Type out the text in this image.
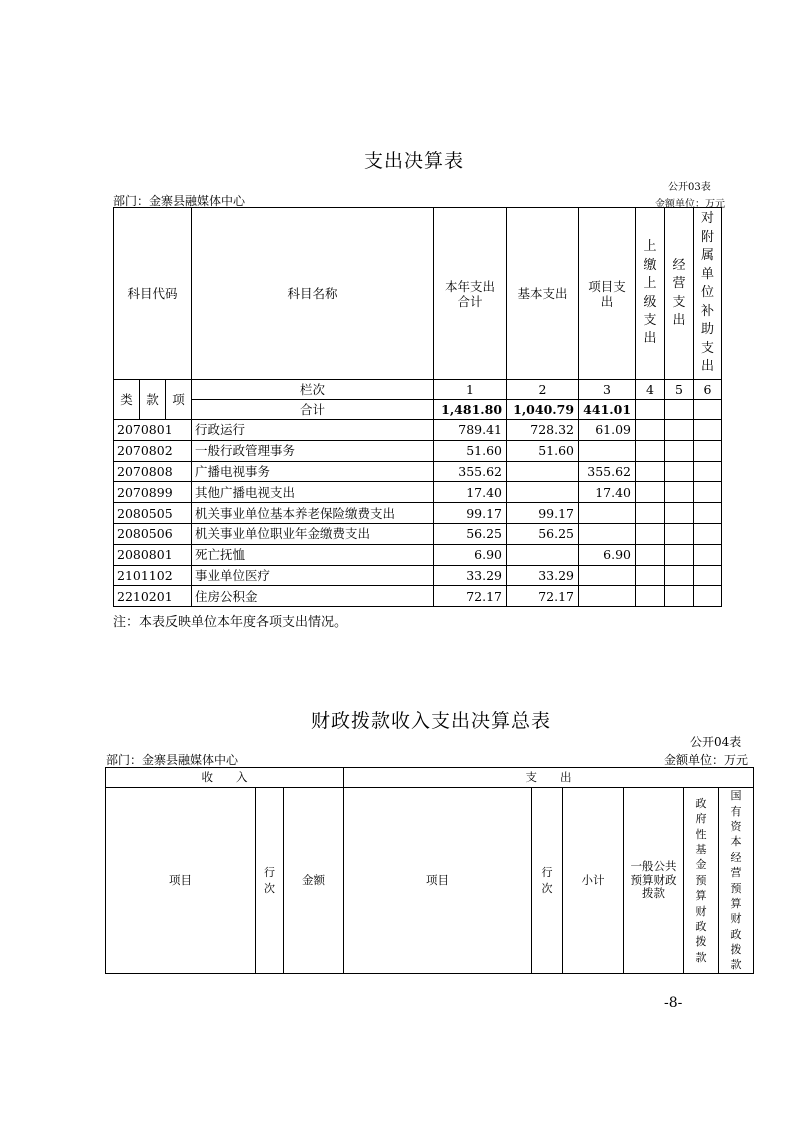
支出决算表
公开03表
部门：金寨县融媒体中心	金额单位：万元
科目代码			科目名称	本年支出合计	基本支出	项目支出	上缴上级支出	经营支出	对附属单位补助支出

类	款	项	栏次	1	2	3	4	5	6
			合计	1,481.80	1,040.79	441.01			
2070801			行政运行	789.41	728.32	61.09			
2070802			一般行政管理事务	51.60	51.60				
2070808			广播电视事务	355.62		355.62			
2070899			其他广播电视支出	17.40		17.40			
2080505			机关事业单位基本养老保险缴费支出	99.17	99.17				
2080506			机关事业单位职业年金缴费支出	56.25	56.25				
2080801			死亡抚恤	6.90		6.90			
2101102			事业单位医疗	33.29	33.29				
2210201			住房公积金	72.17	72.17				
注：本表反映单位本年度各项支出情况。
财政拨款收入支出决算总表
公开04表
部门：金寨县融媒体中心	金额单位：万元
收　　入			支　　出					
项目	行次	金额	项目	行次	小计	一般公共预算财政拨款	政府性基金预算财政拨款	国有资本经营预算财政拨款
-8-
